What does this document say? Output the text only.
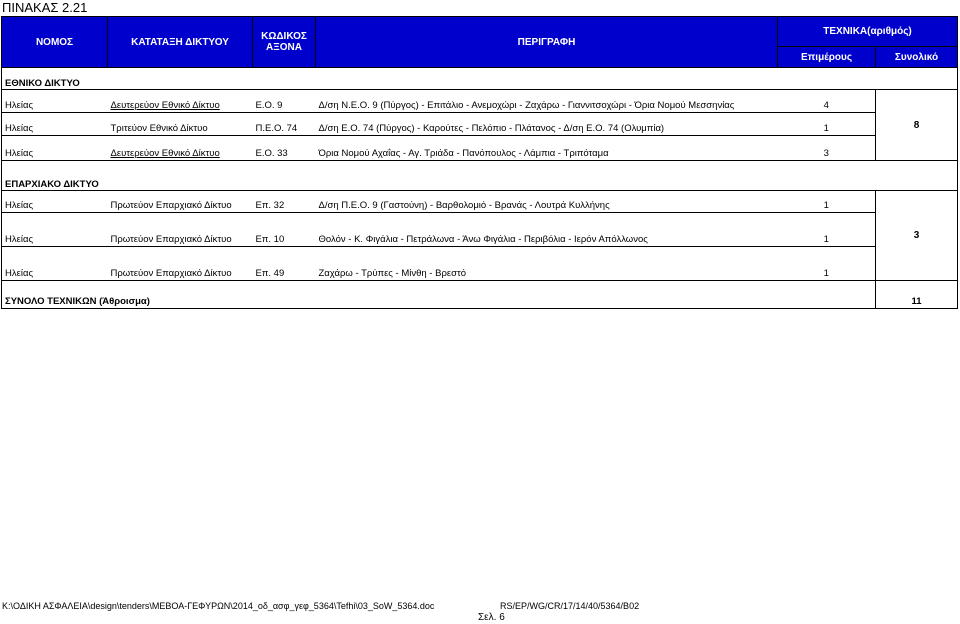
ΠΙΝΑΚΑΣ 2.21
ΝΟΜΟΣ	ΚΑΤΑΤΑΞΗ ΔΙΚΤΥΟΥ	ΚΩΔΙΚΟΣ
ΑΞΟΝΑ	ΠΕΡΙΓΡΑΦΗ	ΤΕΧΝΙΚΑ(αριθμός)	
				Επιμέρους	Συνολικό
ΕΘΝΙΚΟ ΔΙΚΤΥΟ					
Ηλείας	Δευτερεύον Εθνικό Δίκτυο	Ε.Ο. 9	Δ/ση Ν.Ε.Ο. 9 (Πύργος) - Επιτάλιο - Ανεμοχώρι - Ζαχάρω - Γιαννιτσοχώρι - Όρια Νομού Μεσσηνίας	4	8
Ηλείας	Τριτεύον Εθνικό Δίκτυο	Π.Ε.Ο. 74	Δ/ση Ε.Ο. 74 (Πύργος) - Καρούτες - Πελόπιο - Πλάτανος - Δ/ση Ε.Ο. 74 (Ολυμπία)	1	
Ηλείας	Δευτερεύον Εθνικό Δίκτυο	Ε.Ο. 33	Όρια Νομού Αχαΐας - Αγ. Τριάδα - Πανόπουλος - Λάμπια - Τριπόταμα	3	
ΕΠΑΡΧΙΑΚΟ ΔΙΚΤΥΟ					
Ηλείας	Πρωτεύον Επαρχιακό Δίκτυο	Επ. 32	Δ/ση Π.Ε.Ο. 9 (Γαστούνη) - Βαρθολομιό - Βρανάς - Λουτρά Κυλλήνης	1	3
Ηλείας	Πρωτεύον Επαρχιακό Δίκτυο	Επ. 10	Θολόν - Κ. Φιγάλια - Πετράλωνα - Άνω Φιγάλια - Περιβόλια - Ιερόν Απόλλωνος	1	
Ηλείας	Πρωτεύον Επαρχιακό Δίκτυο	Επ. 49	Ζαχάρω - Τρύπες - Μίνθη - Βρεστό	1	
ΣΥΝΟΛΟ ΤΕΧΝΙΚΩΝ (Άθροισμα)					11
K:\ΟΔΙΚΗ ΑΣΦΑΛΕΙΑ\design\tenders\ΜΕΒΟΑ-ΓΕΦΥΡΩΝ\2014_οδ_ασφ_γεφ_5364\Tefhi\03_SoW_5364.doc	RS/EP/WG/CR/17/14/40/5364/B02
Σελ. 6
